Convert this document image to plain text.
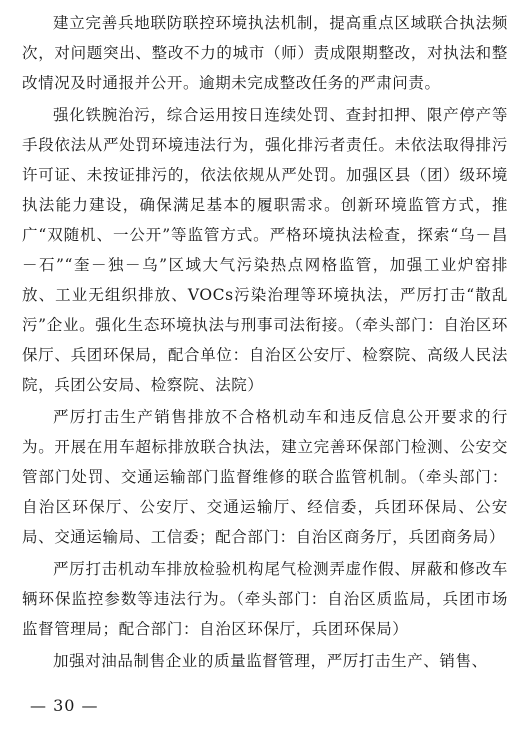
建立完善兵地联防联控环境执法机制，提高重点区域联合执法频次，对问题突出、整改不力的城市（师）责成限期整改，对执法和整改情况及时通报并公开。逾期未完成整改任务的严肃问责。

强化铁腕治污，综合运用按日连续处罚、查封扣押、限产停产等手段依法从严处罚环境违法行为，强化排污者责任。未依法取得排污许可证、未按证排污的，依法依规从严处罚。加强区县（团）级环境执法能力建设，确保满足基本的履职需求。创新环境监管方式，推广“双随机、一公开”等监管方式。严格环境执法检查，探索“乌－昌－石”“奎－独－乌”区域大气污染热点网格监管，加强工业炉窑排放、工业无组织排放、VOCs污染治理等环境执法，严厉打击“散乱污”企业。强化生态环境执法与刑事司法衔接。（牵头部门：自治区环保厅、兵团环保局，配合单位：自治区公安厅、检察院、高级人民法院，兵团公安局、检察院、法院）

严厉打击生产销售排放不合格机动车和违反信息公开要求的行为。开展在用车超标排放联合执法，建立完善环保部门检测、公安交管部门处罚、交通运输部门监督维修的联合监管机制。（牵头部门：自治区环保厅、公安厅、交通运输厅、经信委，兵团环保局、公安局、交通运输局、工信委；配合部门：自治区商务厅，兵团商务局）

严厉打击机动车排放检验机构尾气检测弄虚作假、屏蔽和修改车辆环保监控参数等违法行为。（牵头部门：自治区质监局，兵团市场监督管理局；配合部门：自治区环保厅，兵团环保局）

加强对油品制售企业的质量监督管理，严厉打击生产、销售、

— 30 —
